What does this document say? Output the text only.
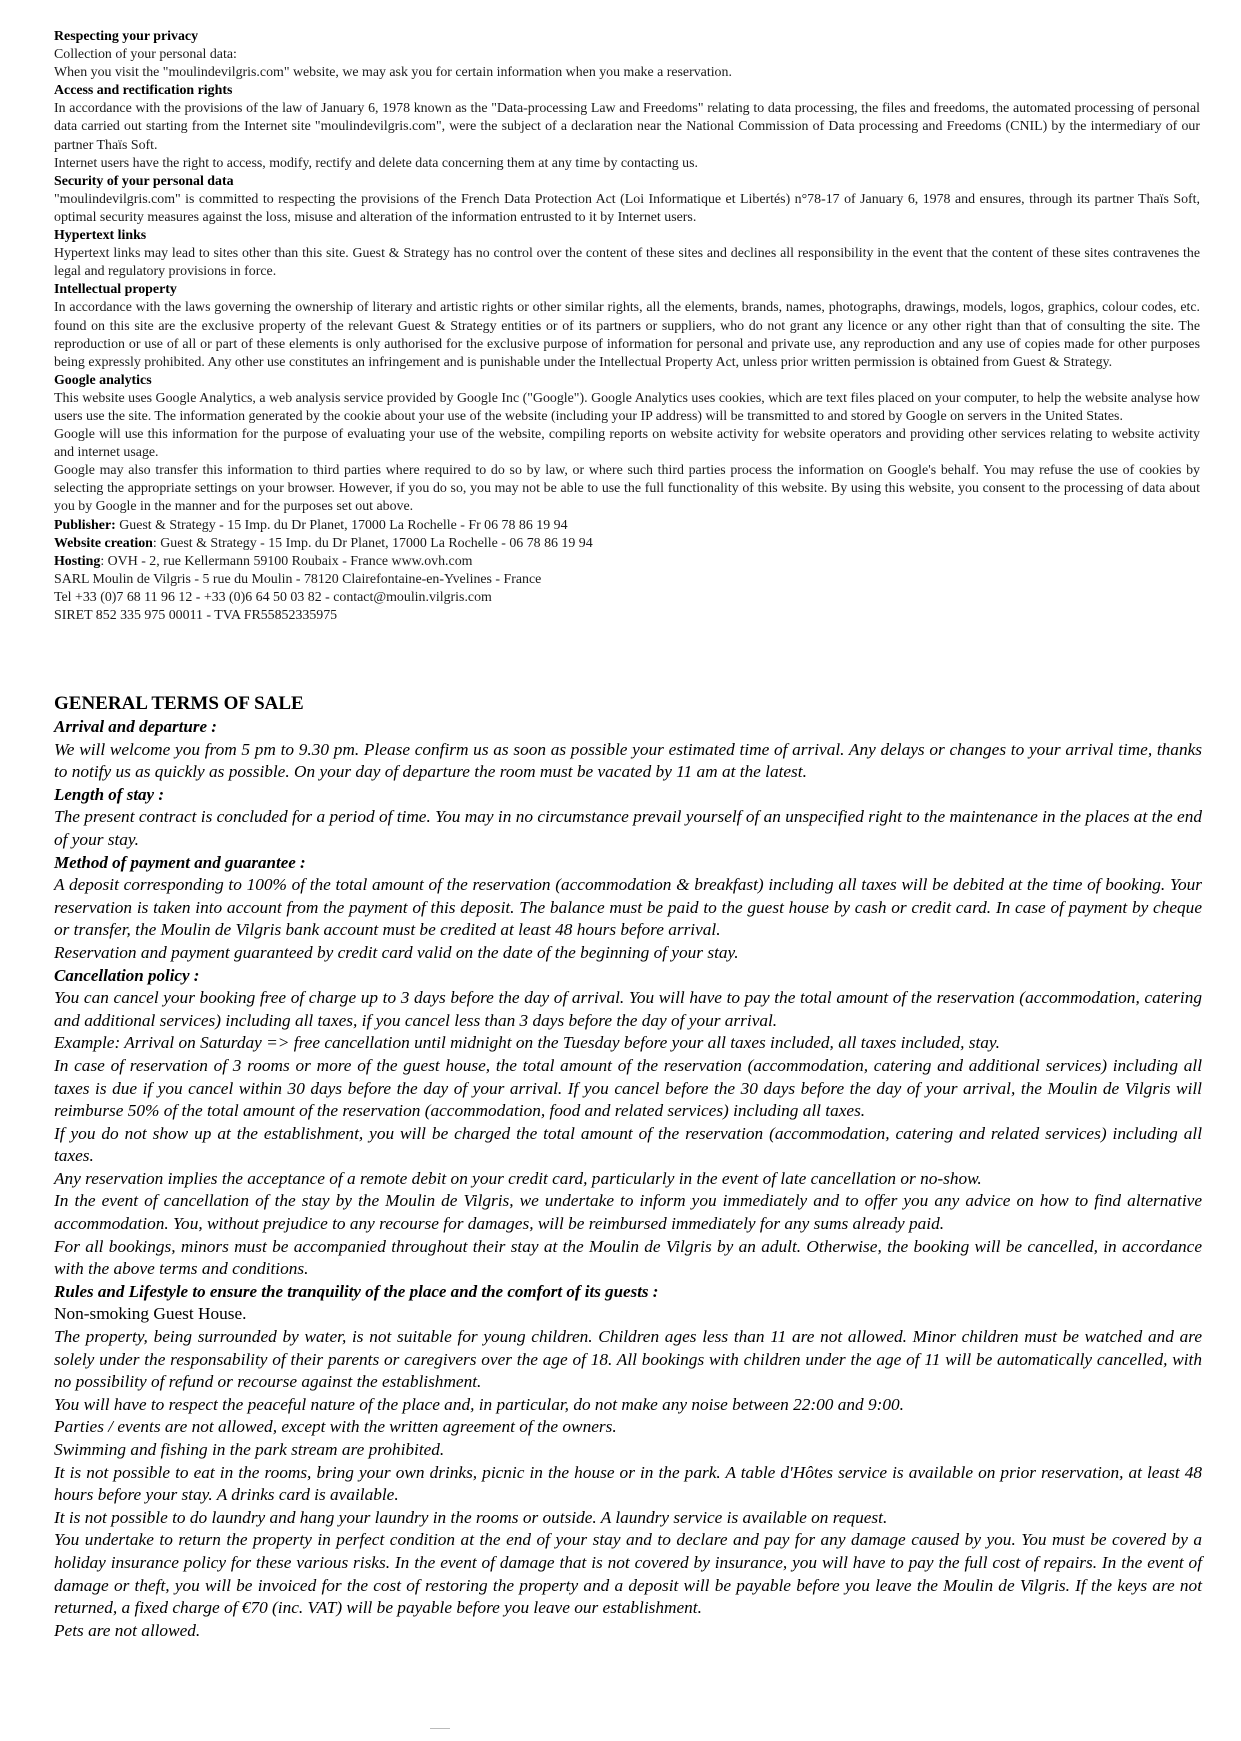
Respecting your privacy

Collection of your personal data:

When you visit the "moulindevilgris.com" website, we may ask you for certain information when you make a reservation.

Access and rectification rights

In accordance with the provisions of the law of January 6, 1978 known as the "Data-processing Law and Freedoms" relating to data processing, the files and freedoms, the automated processing of personal data carried out starting from the Internet site "moulindevilgris.com", were the subject of a declaration near the National Commission of Data processing and Freedoms (CNIL) by the intermediary of our partner Thaïs Soft.

Internet users have the right to access, modify, rectify and delete data concerning them at any time by contacting us.

Security of your personal data

"moulindevilgris.com" is committed to respecting the provisions of the French Data Protection Act (Loi Informatique et Libertés) n°78-17 of January 6, 1978 and ensures, through its partner Thaïs Soft, optimal security measures against the loss, misuse and alteration of the information entrusted to it by Internet users.

Hypertext links

Hypertext links may lead to sites other than this site. Guest & Strategy has no control over the content of these sites and declines all responsibility in the event that the content of these sites contravenes the legal and regulatory provisions in force.

Intellectual property

In accordance with the laws governing the ownership of literary and artistic rights or other similar rights, all the elements, brands, names, photographs, drawings, models, logos, graphics, colour codes, etc. found on this site are the exclusive property of the relevant Guest & Strategy entities or of its partners or suppliers, who do not grant any licence or any other right than that of consulting the site. The reproduction or use of all or part of these elements is only authorised for the exclusive purpose of information for personal and private use, any reproduction and any use of copies made for other purposes being expressly prohibited. Any other use constitutes an infringement and is punishable under the Intellectual Property Act, unless prior written permission is obtained from Guest & Strategy.

Google analytics

This website uses Google Analytics, a web analysis service provided by Google Inc ("Google"). Google Analytics uses cookies, which are text files placed on your computer, to help the website analyse how users use the site. The information generated by the cookie about your use of the website (including your IP address) will be transmitted to and stored by Google on servers in the United States.

Google will use this information for the purpose of evaluating your use of the website, compiling reports on website activity for website operators and providing other services relating to website activity and internet usage.

Google may also transfer this information to third parties where required to do so by law, or where such third parties process the information on Google's behalf. You may refuse the use of cookies by selecting the appropriate settings on your browser. However, if you do so, you may not be able to use the full functionality of this website. By using this website, you consent to the processing of data about you by Google in the manner and for the purposes set out above.

Publisher: Guest & Strategy - 15 Imp. du Dr Planet, 17000 La Rochelle - Fr 06 78 86 19 94

Website creation: Guest & Strategy - 15 Imp. du Dr Planet, 17000 La Rochelle - 06 78 86 19 94

Hosting: OVH - 2, rue Kellermann 59100 Roubaix - France www.ovh.com

SARL Moulin de Vilgris - 5 rue du Moulin - 78120 Clairefontaine-en-Yvelines - France

Tel +33 (0)7 68 11 96 12 - +33 (0)6 64 50 03 82 - contact@moulin.vilgris.com

SIRET 852 335 975 00011 - TVA FR55852335975

GENERAL TERMS OF SALE

Arrival and departure :

We will welcome you from 5 pm to 9.30 pm. Please confirm us as soon as possible your estimated time of arrival. Any delays or changes to your arrival time, thanks to notify us as quickly as possible. On your day of departure the room must be vacated by 11 am at the latest.

Length of stay :

The present contract is concluded for a period of time. You may in no circumstance prevail yourself of an unspecified right to the maintenance in the places at the end of your stay.

Method of payment and guarantee :

A deposit corresponding to 100% of the total amount of the reservation (accommodation & breakfast) including all taxes will be debited at the time of booking. Your reservation is taken into account from the payment of this deposit. The balance must be paid to the guest house by cash or credit card. In case of payment by cheque or transfer, the Moulin de Vilgris bank account must be credited at least 48 hours before arrival.

Reservation and payment guaranteed by credit card valid on the date of the beginning of your stay.

Cancellation policy :

You can cancel your booking free of charge up to 3 days before the day of arrival. You will have to pay the total amount of the reservation (accommodation, catering and additional services) including all taxes, if you cancel less than 3 days before the day of your arrival.

Example: Arrival on Saturday => free cancellation until midnight on the Tuesday before your all taxes included, all taxes included, stay.

In case of reservation of 3 rooms or more of the guest house, the total amount of the reservation (accommodation, catering and additional services) including all taxes is due if you cancel within 30 days before the day of your arrival. If you cancel before the 30 days before the day of your arrival, the Moulin de Vilgris will reimburse 50% of the total amount of the reservation (accommodation, food and related services) including all taxes.

If you do not show up at the establishment, you will be charged the total amount of the reservation (accommodation, catering and related services) including all taxes.

Any reservation implies the acceptance of a remote debit on your credit card, particularly in the event of late cancellation or no-show.

In the event of cancellation of the stay by the Moulin de Vilgris, we undertake to inform you immediately and to offer you any advice on how to find alternative accommodation. You, without prejudice to any recourse for damages, will be reimbursed immediately for any sums already paid.

For all bookings, minors must be accompanied throughout their stay at the Moulin de Vilgris by an adult. Otherwise, the booking will be cancelled, in accordance with the above terms and conditions.

Rules and Lifestyle to ensure the tranquility of the place and the comfort of its guests :

Non-smoking Guest House.

The property, being surrounded by water, is not suitable for young children. Children ages less than 11 are not allowed. Minor children must be watched and are solely under the responsability of their parents or caregivers over the age of 18. All bookings with children under the age of 11 will be automatically cancelled, with no possibility of refund or recourse against the establishment.

You will have to respect the peaceful nature of the place and, in particular, do not make any noise between 22:00 and 9:00.

Parties / events are not allowed, except with the written agreement of the owners.

Swimming and fishing in the park stream are prohibited.

It is not possible to eat in the rooms, bring your own drinks, picnic in the house or in the park. A table d'Hôtes service is available on prior reservation, at least 48 hours before your stay. A drinks card is available.

It is not possible to do laundry and hang your laundry in the rooms or outside. A laundry service is available on request.

You undertake to return the property in perfect condition at the end of your stay and to declare and pay for any damage caused by you. You must be covered by a holiday insurance policy for these various risks. In the event of damage that is not covered by insurance, you will have to pay the full cost of repairs. In the event of damage or theft, you will be invoiced for the cost of restoring the property and a deposit will be payable before you leave the Moulin de Vilgris. If the keys are not returned, a fixed charge of €70 (inc. VAT) will be payable before you leave our establishment.

Pets are not allowed.
